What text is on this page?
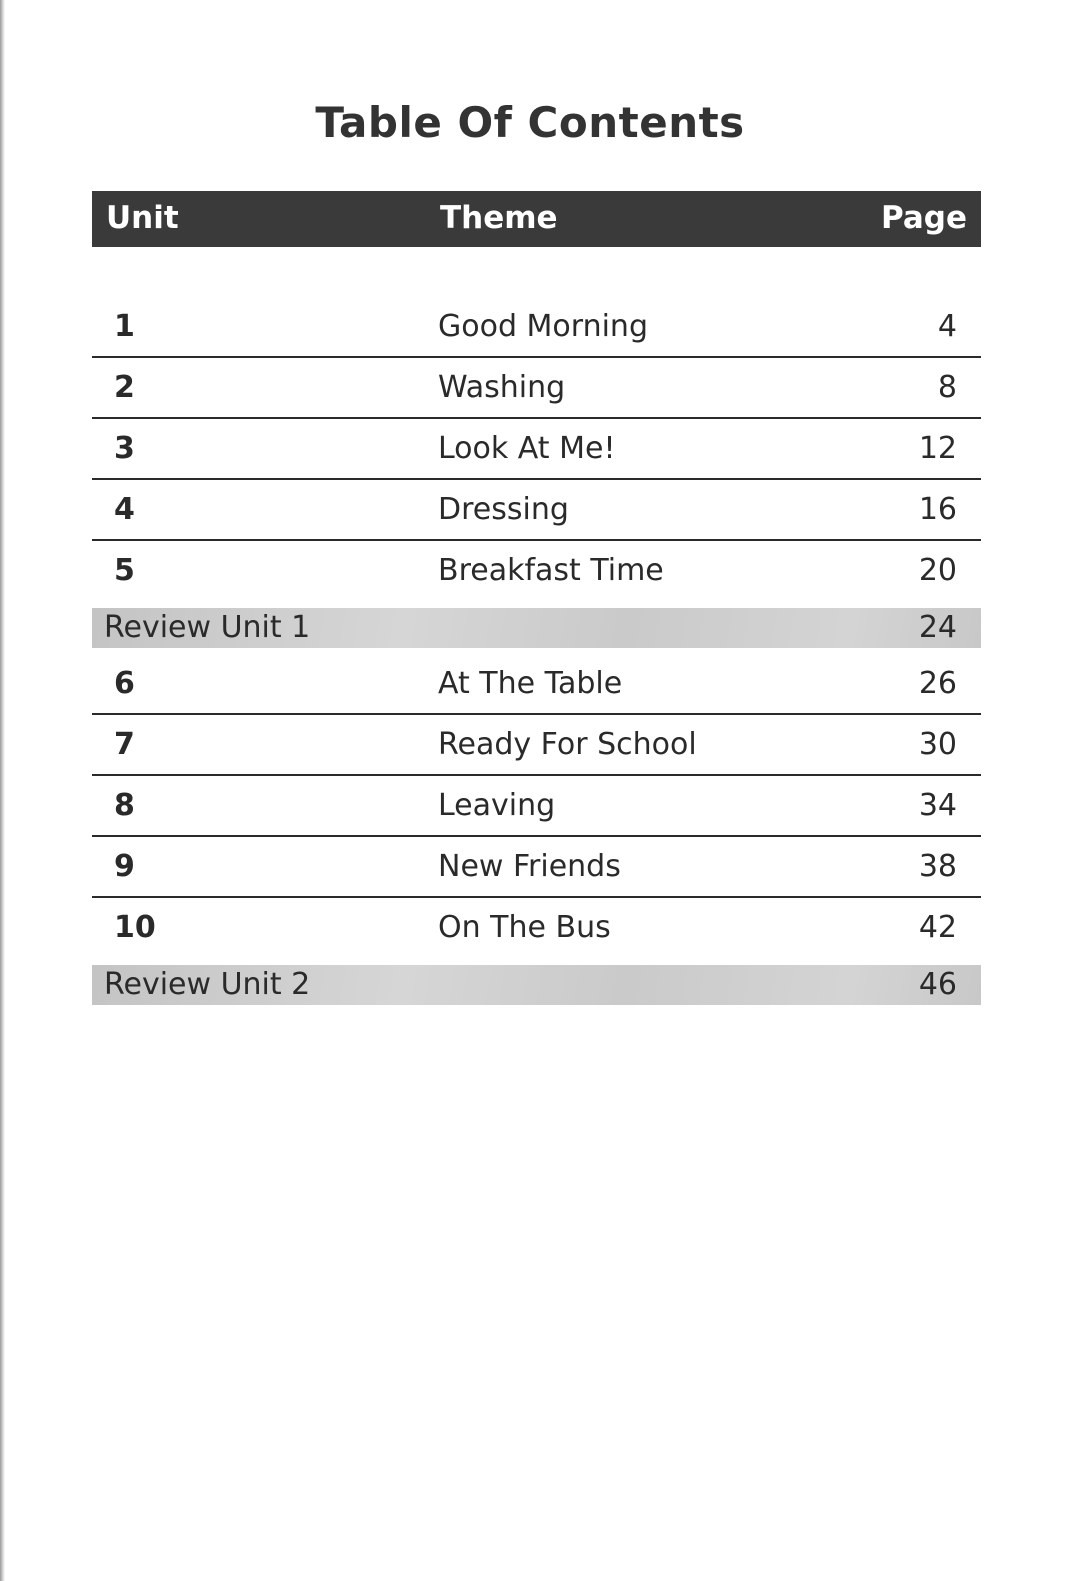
Table Of Contents
Unit	Theme	Page
1	Good Morning	4
2	Washing	8
3	Look At Me!	12
4	Dressing	16
5	Breakfast Time	20
Review Unit 1	24
6	At The Table	26
7	Ready For School	30
8	Leaving	34
9	New Friends	38
10	On The Bus	42
Review Unit 2	46
